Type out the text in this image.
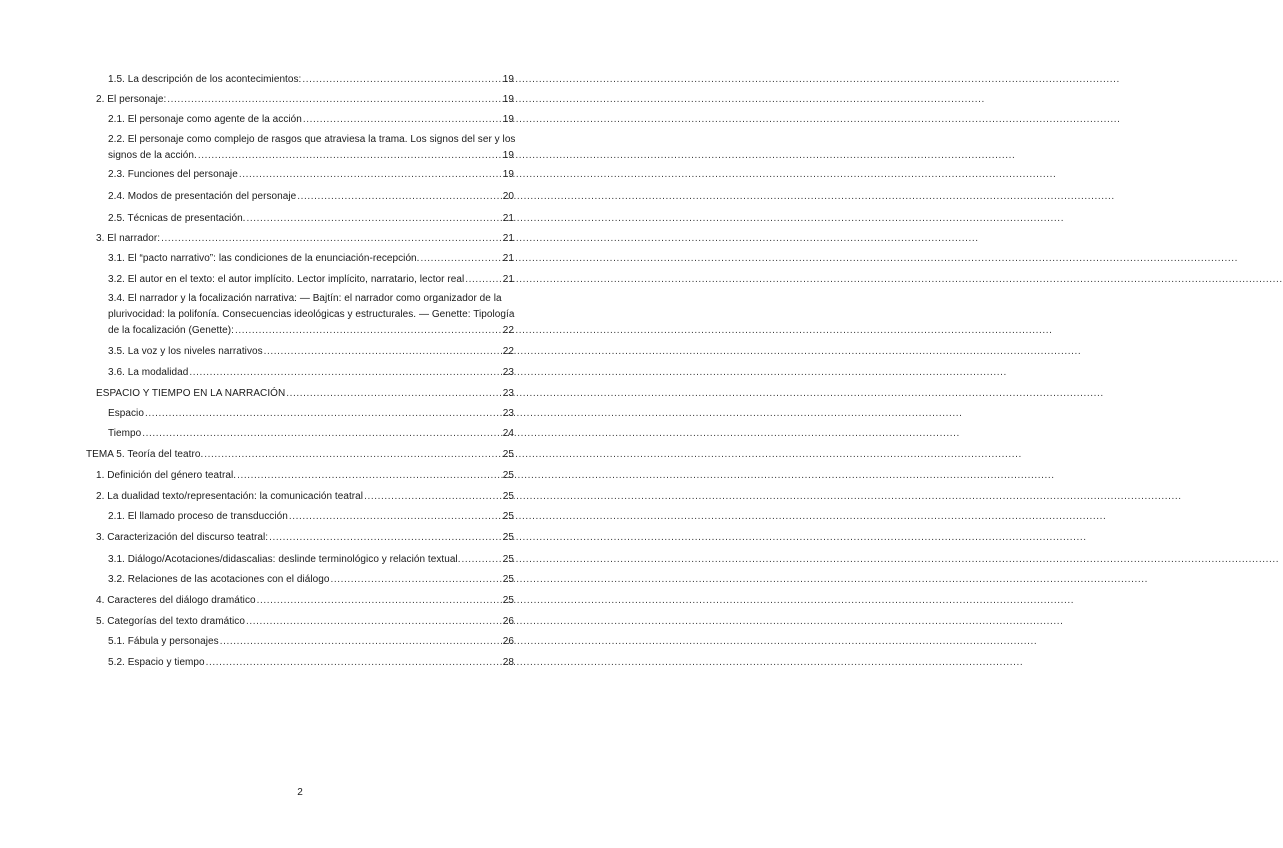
1.5. La descripción de los acontecimientos: .....	19
2. El personaje: .....	19
2.1. El personaje como agente de la acción .....	19
2.2. El personaje como complejo de rasgos que atraviesa la trama. Los signos del ser y los
signos de la acción. .....	19
2.3. Funciones del personaje .....	19
2.4. Modos de presentación del personaje .....	20
2.5. Técnicas de presentación. .....	21
3. El narrador: .....	21
3.1. El “pacto narrativo”: las condiciones de la enunciación-recepción. .....	21
3.2. El autor en el texto: el autor implícito. Lector implícito, narratario, lector real .....	21
3.4. El narrador y la focalización narrativa: — Bajtín: el narrador como organizador de la
plurivocidad: la polifonía. Consecuencias ideológicas y estructurales. — Genette: Tipología
de la focalización (Genette): .....	22
3.5. La voz y los niveles narrativos .....	22
3.6. La modalidad .....	23
ESPACIO Y TIEMPO EN LA NARRACIÓN .....	23
Espacio .....	23
Tiempo .....	24
TEMA 5. Teoría del teatro. .....	25
1. Definición del género teatral. .....	25
2. La dualidad texto/representación: la comunicación teatral .....	25
2.1. El llamado proceso de transducción .....	25
3. Caracterización del discurso teatral: .....	25
3.1. Diálogo/Acotaciones/didascalias: deslinde terminológico y relación textual. .....	25
3.2. Relaciones de las acotaciones con el diálogo .....	25
4. Caracteres del diálogo dramático .....	25
5. Categorías del texto dramático .....	26
5.1. Fábula y personajes .....	26
5.2. Espacio y tiempo .....	28
2
